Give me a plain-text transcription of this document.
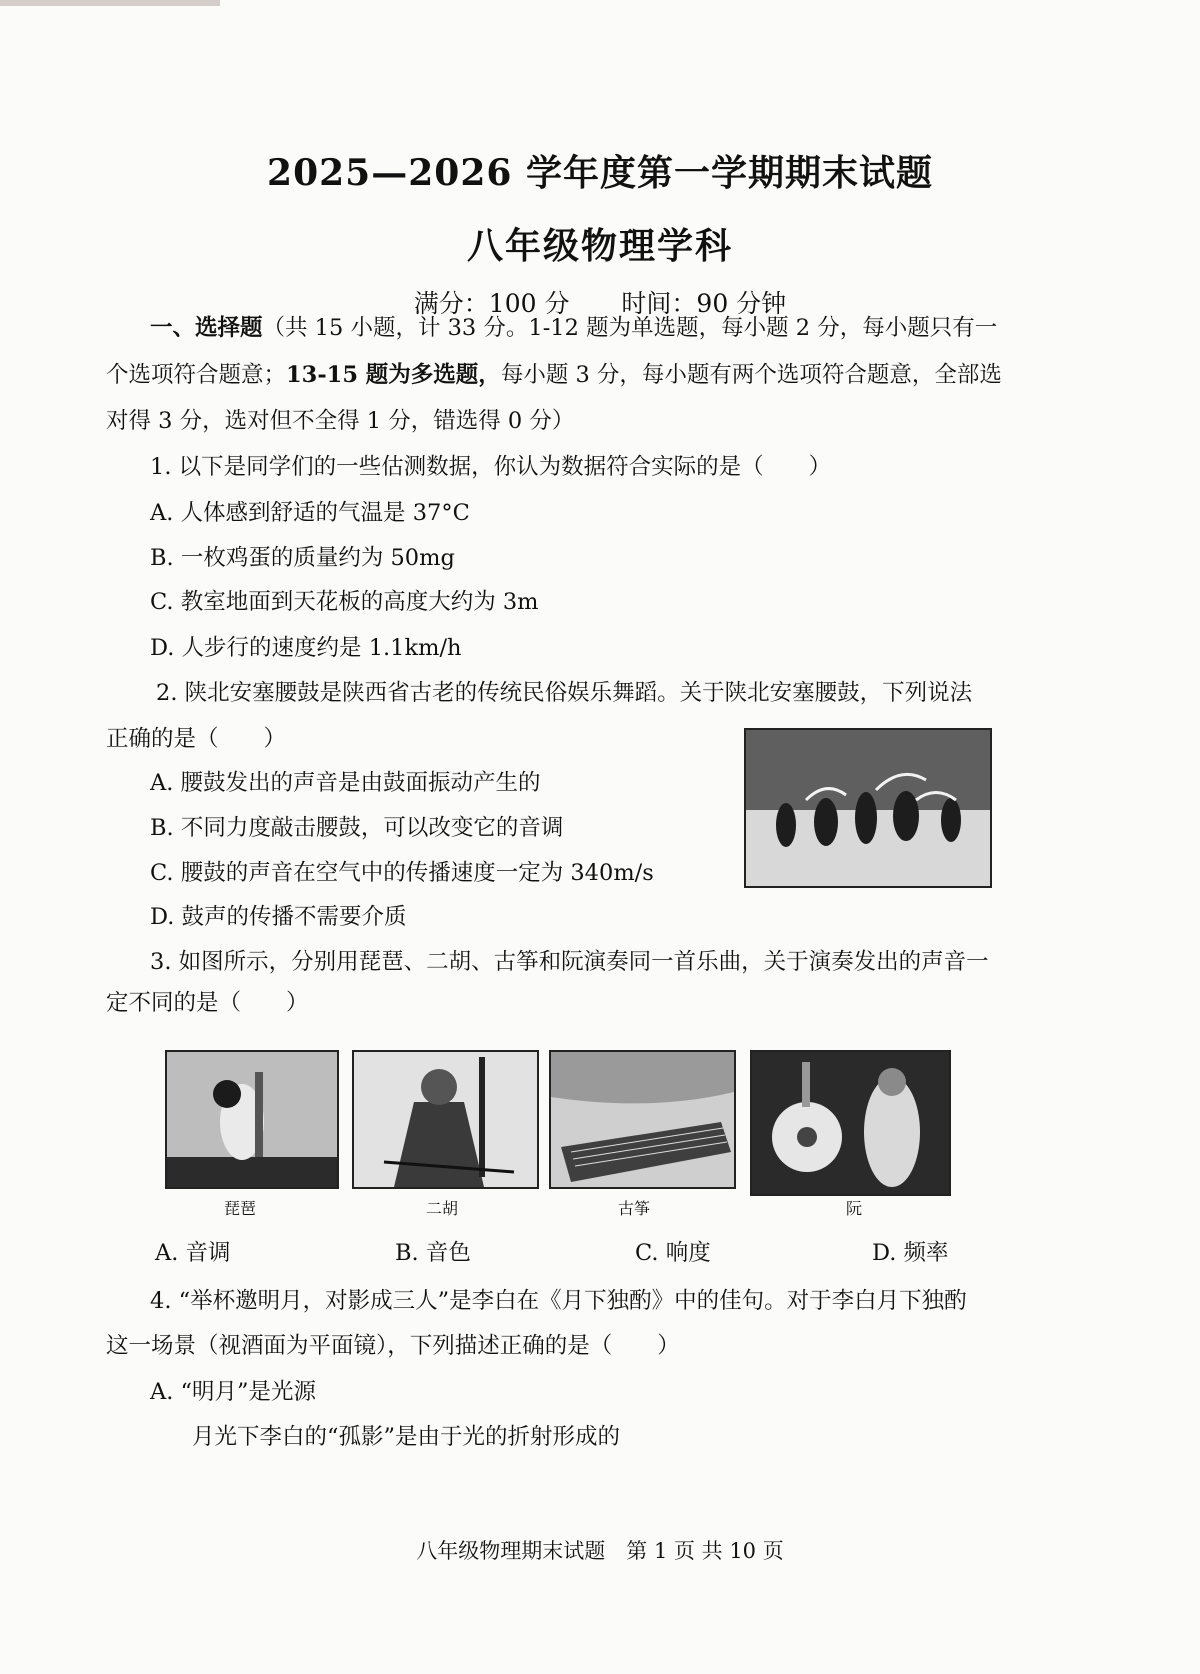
2025—2026 学年度第一学期期末试题
八年级物理学科
满分：100 分 时间：90 分钟
一、选择题（共 15 小题，计 33 分。1-12 题为单选题，每小题 2 分，每小题只有一
个选项符合题意；13-15 题为多选题，每小题 3 分，每小题有两个选项符合题意，全部选
对得 3 分，选对但不全得 1 分，错选得 0 分）
1. 以下是同学们的一些估测数据，你认为数据符合实际的是（　　）
A. 人体感到舒适的气温是 37°C
B. 一枚鸡蛋的质量约为 50mg
C. 教室地面到天花板的高度大约为 3m
D. 人步行的速度约是 1.1km/h
2. 陕北安塞腰鼓是陕西省古老的传统民俗娱乐舞蹈。关于陕北安塞腰鼓，下列说法
正确的是（　　）
A. 腰鼓发出的声音是由鼓面振动产生的
B. 不同力度敲击腰鼓，可以改变它的音调
C. 腰鼓的声音在空气中的传播速度一定为 340m/s
D. 鼓声的传播不需要介质
3. 如图所示，分别用琵琶、二胡、古筝和阮演奏同一首乐曲，关于演奏发出的声音一
定不同的是（　　）
琵琶	二胡	古筝	阮
A. 音调	B. 音色	C. 响度	D. 频率
4. “举杯邀明月，对影成三人”是李白在《月下独酌》中的佳句。对于李白月下独酌
这一场景（视酒面为平面镜），下列描述正确的是（　　）
A. “明月”是光源
月光下李白的“孤影”是由于光的折射形成的
八年级物理期末试题　第 1 页 共 10 页
